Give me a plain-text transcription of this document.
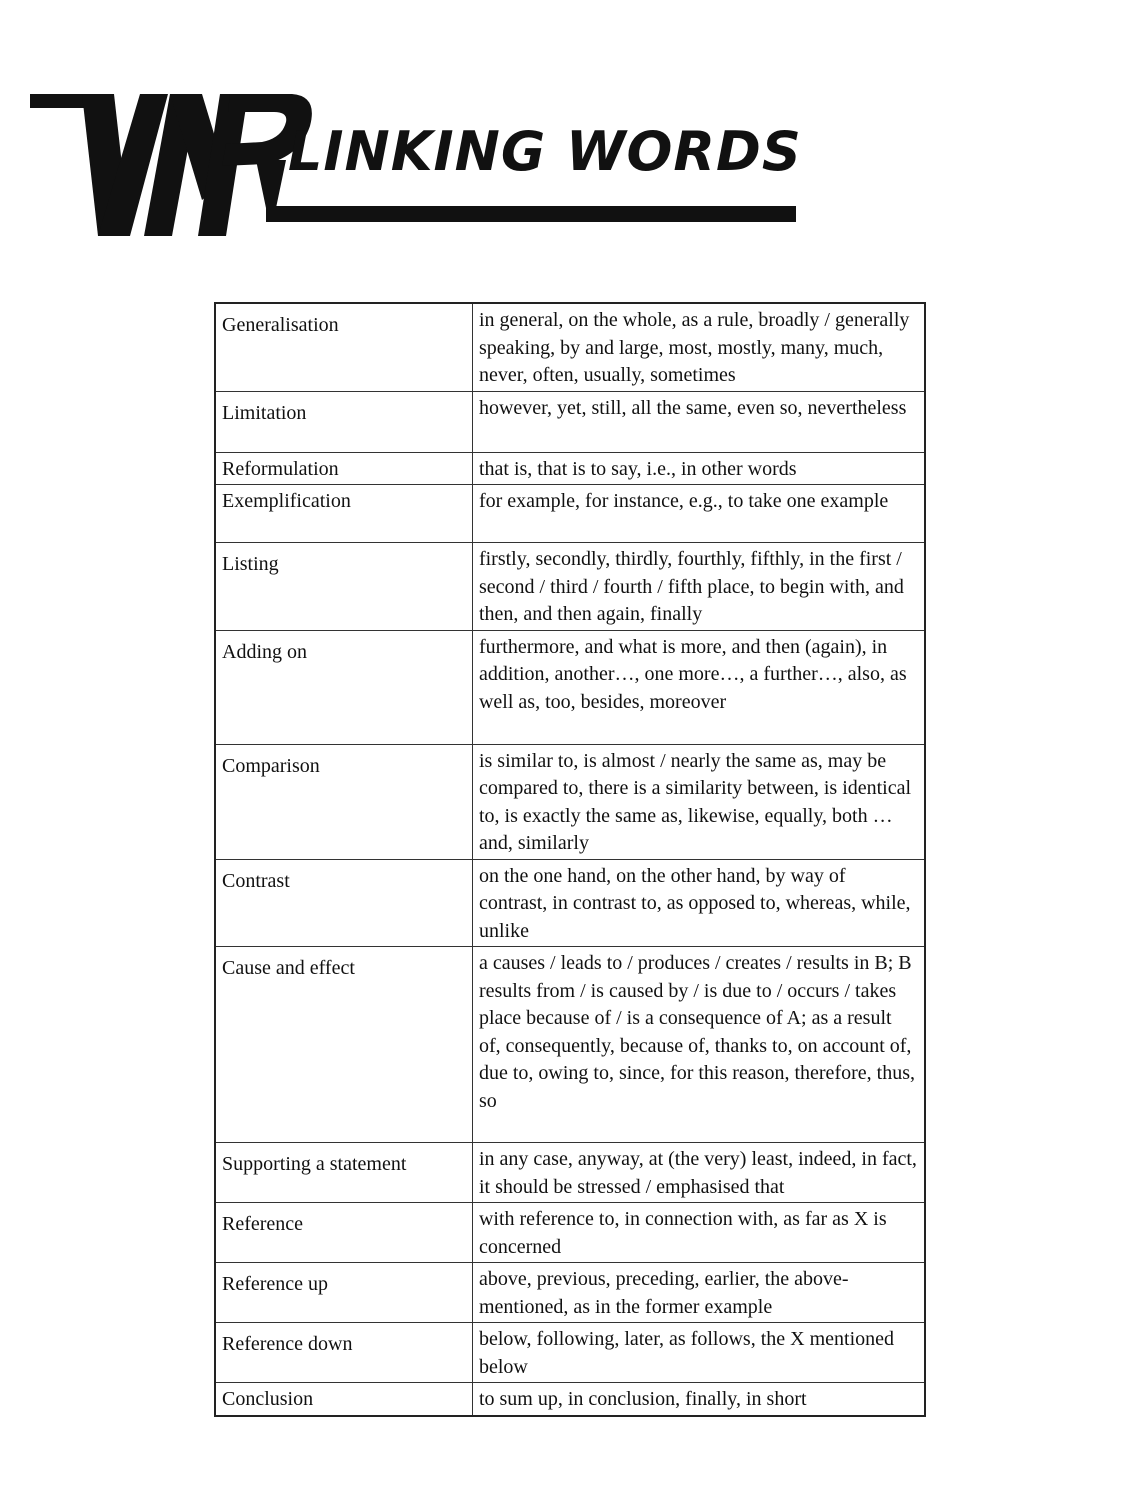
LINKING WORDS
Generalisation	in general, on the whole, as a rule, broadly / generally speaking, by and large, most, mostly, many, much, never, often, usually, sometimes
Limitation	however, yet, still, all the same, even so, nevertheless
Reformulation	that is, that is to say, i.e., in other words
Exemplification	for example, for instance, e.g., to take one example
Listing	firstly, secondly, thirdly, fourthly, fifthly, in the first / second / third / fourth / fifth place, to begin with, and then, and then again, finally
Adding on	furthermore, and what is more, and then (again), in addition, another…, one more…, a further…, also, as well as, too, besides, moreover
Comparison	is similar to, is almost / nearly the same as, may be compared to, there is a similarity between, is identical to, is exactly the same as, likewise, equally, both … and, similarly
Contrast	on the one hand, on the other hand, by way of contrast, in contrast to, as opposed to, whereas, while, unlike
Cause and effect	a causes / leads to / produces / creates / results in B; B results from / is caused by / is due to / occurs / takes place because of / is a consequence of A; as a result of, consequently, because of, thanks to, on account of, due to, owing to, since, for this reason, therefore, thus, so
Supporting a statement	in any case, anyway, at (the very) least, indeed, in fact, it should be stressed / emphasised that
Reference	with reference to, in connection with, as far as X is concerned
Reference up	above, previous, preceding, earlier, the above-mentioned, as in the former example
Reference down	below, following, later, as follows, the X mentioned below
Conclusion	to sum up, in conclusion, finally, in short
